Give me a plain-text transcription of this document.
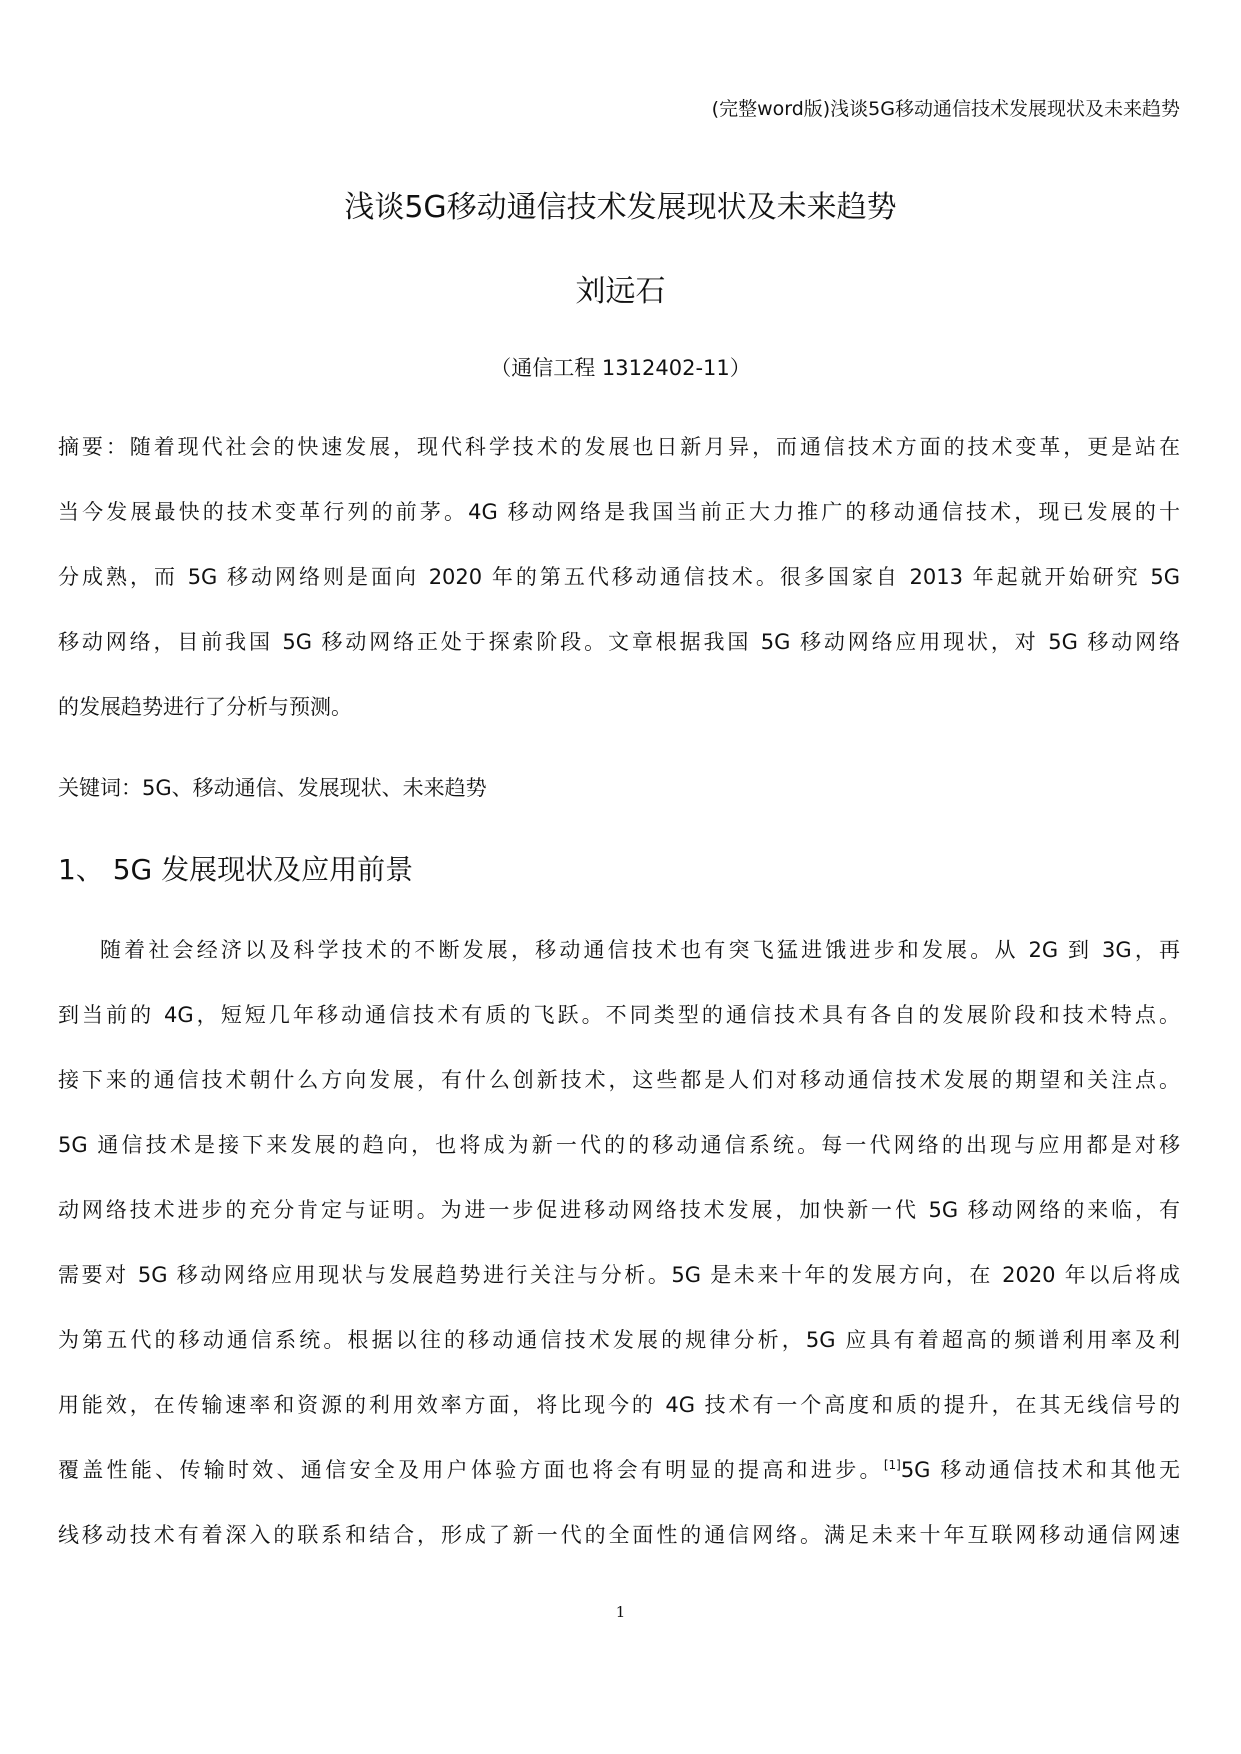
(完整word版)浅谈5G移动通信技术发展现状及未来趋势
浅谈5G移动通信技术发展现状及未来趋势
刘远石
（通信工程 1312402-11）
摘要：随着现代社会的快速发展，现代科学技术的发展也日新月异，而通信技术方面的技术变革，更是站在
当今发展最快的技术变革行列的前茅。4G 移动网络是我国当前正大力推广的移动通信技术，现已发展的十
分成熟，而 5G 移动网络则是面向 2020 年的第五代移动通信技术。很多国家自 2013 年起就开始研究 5G
移动网络，目前我国 5G 移动网络正处于探索阶段。文章根据我国 5G 移动网络应用现状，对 5G 移动网络
的发展趋势进行了分析与预测。
关键词：5G、移动通信、发展现状、未来趋势
1、 5G 发展现状及应用前景
随着社会经济以及科学技术的不断发展，移动通信技术也有突飞猛进饿进步和发展。从 2G 到 3G，再
到当前的 4G，短短几年移动通信技术有质的飞跃。不同类型的通信技术具有各自的发展阶段和技术特点。
接下来的通信技术朝什么方向发展，有什么创新技术，这些都是人们对移动通信技术发展的期望和关注点。
5G 通信技术是接下来发展的趋向，也将成为新一代的的移动通信系统。每一代网络的出现与应用都是对移
动网络技术进步的充分肯定与证明。为进一步促进移动网络技术发展，加快新一代 5G 移动网络的来临，有
需要对 5G 移动网络应用现状与发展趋势进行关注与分析。5G 是未来十年的发展方向，在 2020 年以后将成
为第五代的移动通信系统。根据以往的移动通信技术发展的规律分析，5G 应具有着超高的频谱利用率及利
用能效，在传输速率和资源的利用效率方面，将比现今的 4G 技术有一个高度和质的提升，在其无线信号的
覆盖性能、传输时效、通信安全及用户体验方面也将会有明显的提高和进步。[1]5G 移动通信技术和其他无
线移动技术有着深入的联系和结合，形成了新一代的全面性的通信网络。满足未来十年互联网移动通信网速
1
